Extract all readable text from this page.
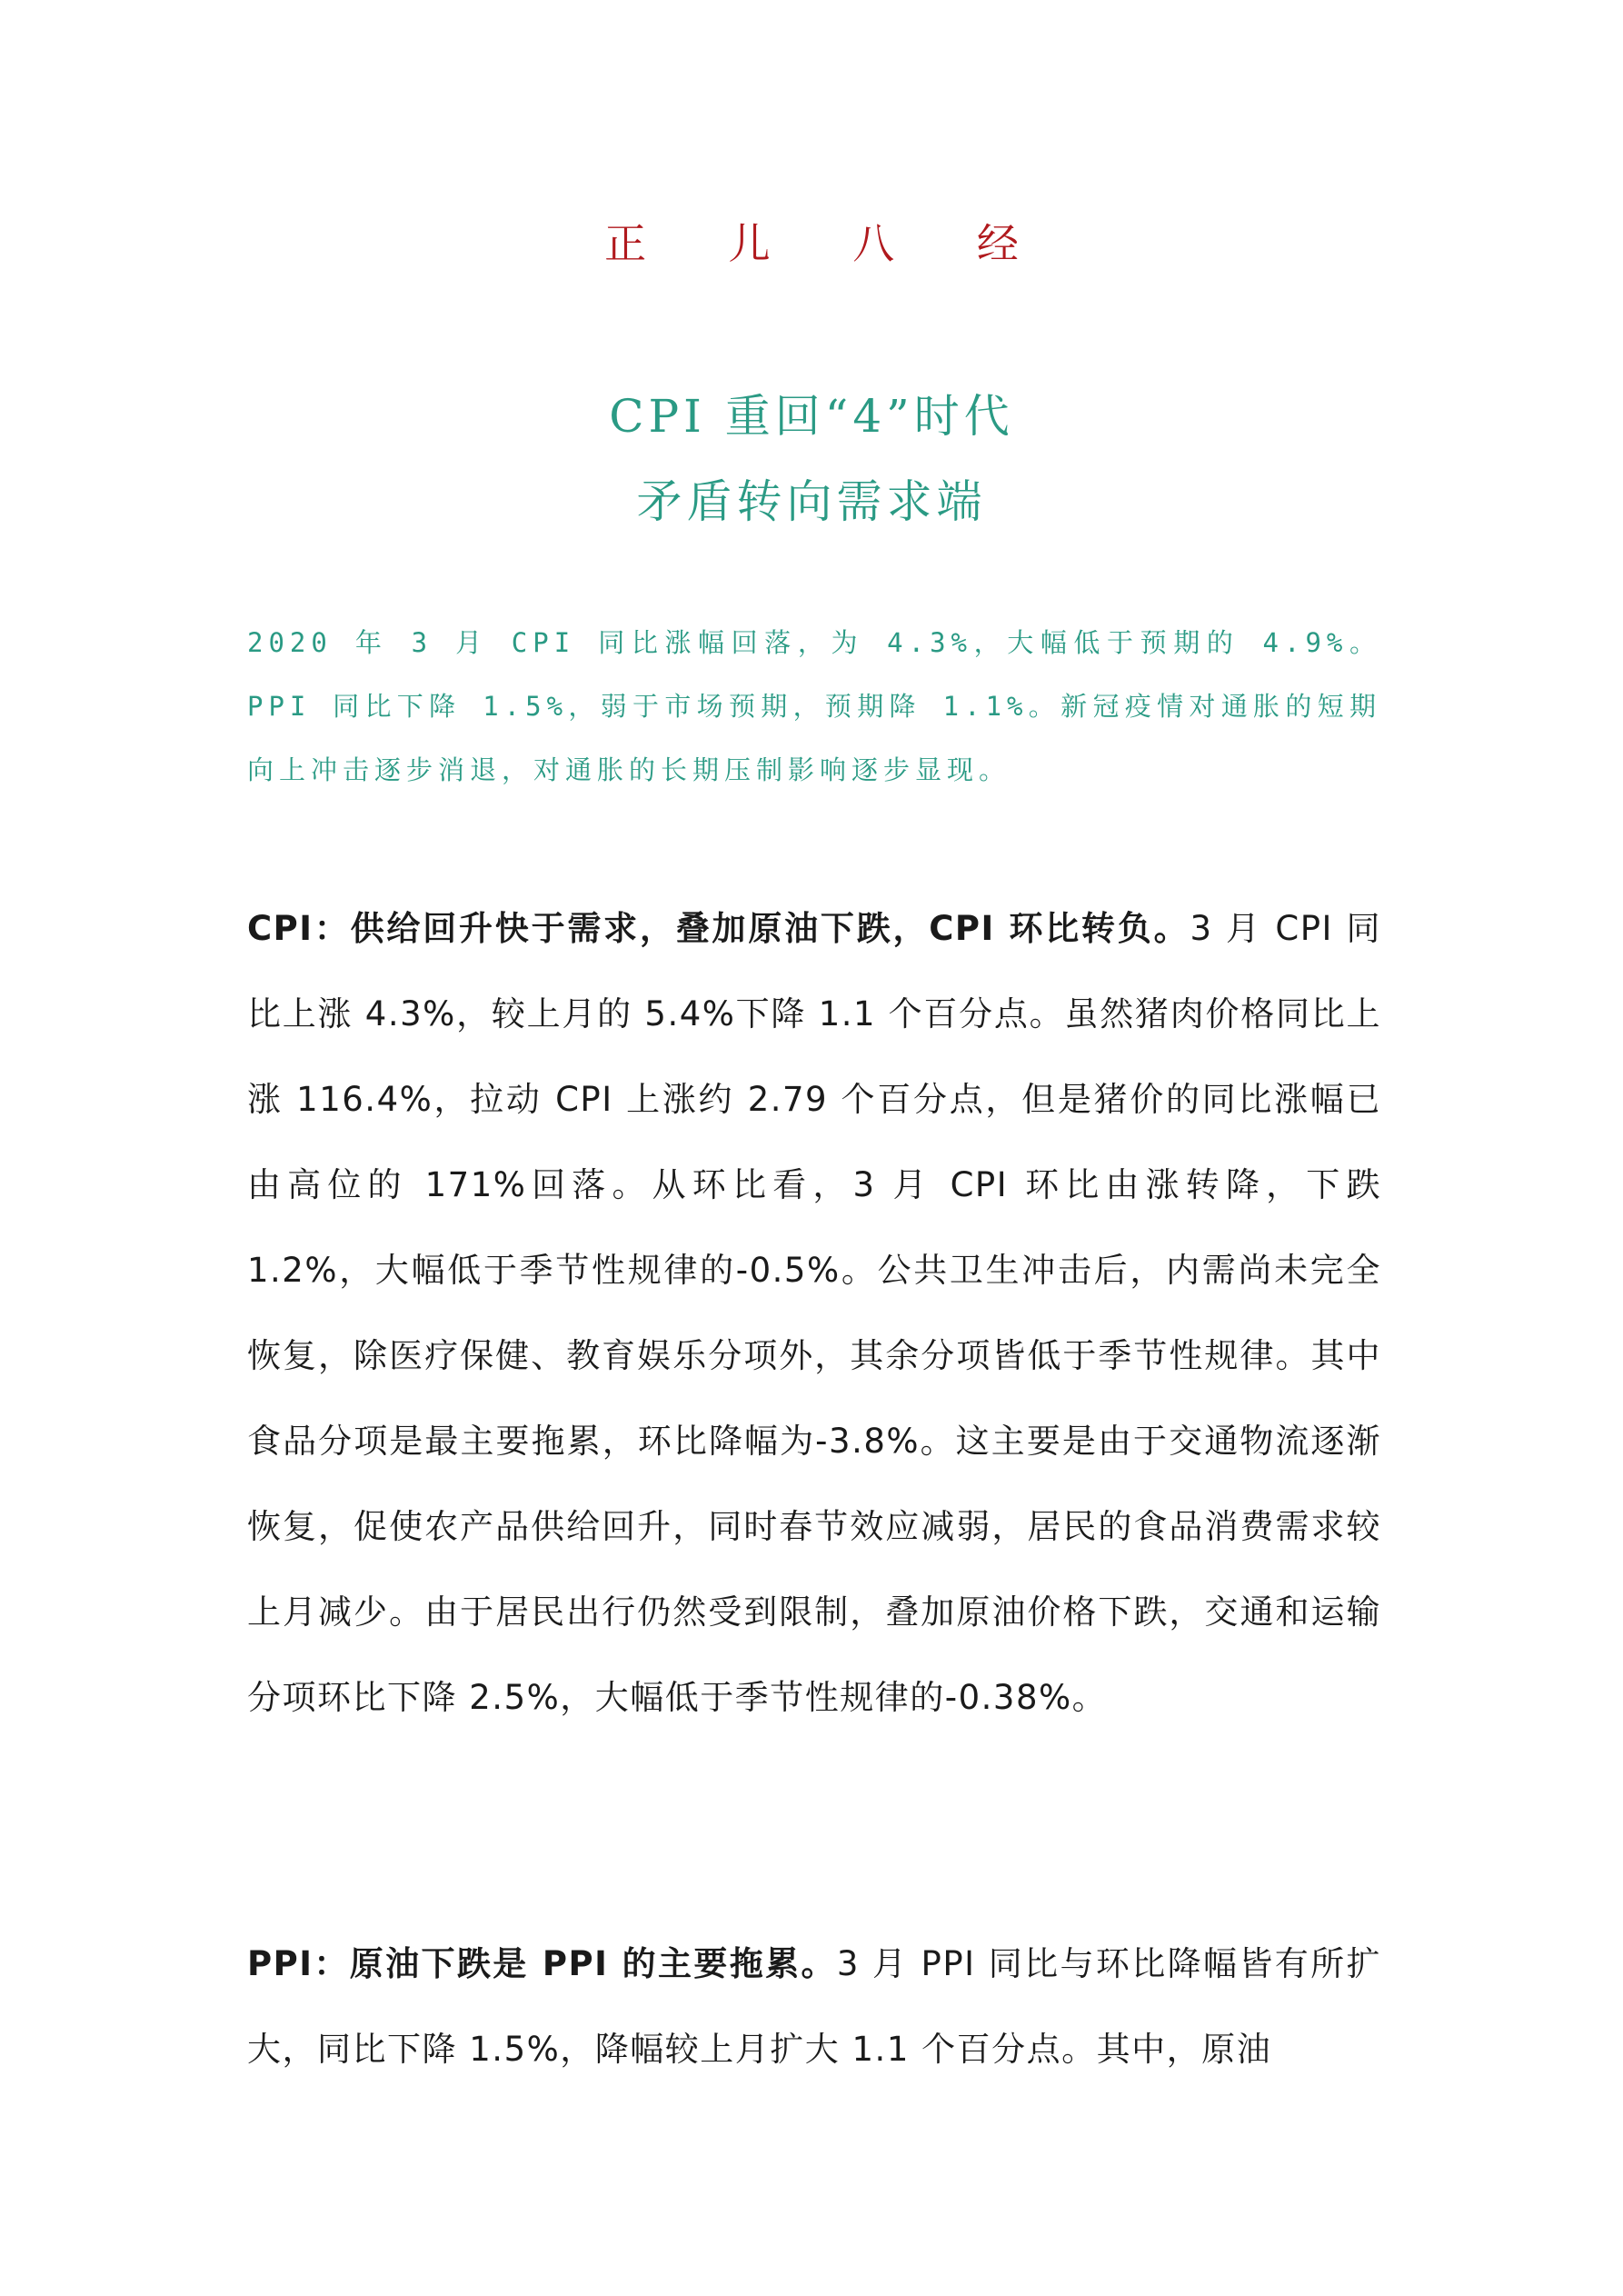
正 儿 八 经
CPI 重回“4”时代
矛盾转向需求端

2020 年 3 月 CPI 同比涨幅回落，为 4.3%，大幅低于预期的 4.9%。PPI 同比下降 1.5%，弱于市场预期，预期降 1.1%。新冠疫情对通胀的短期向上冲击逐步消退，对通胀的长期压制影响逐步显现。

CPI：供给回升快于需求，叠加原油下跌，CPI 环比转负。3 月 CPI 同比上涨 4.3%，较上月的 5.4%下降 1.1 个百分点。虽然猪肉价格同比上涨 116.4%，拉动 CPI 上涨约 2.79 个百分点，但是猪价的同比涨幅已由高位的 171%回落。从环比看，3 月 CPI 环比由涨转降，下跌 1.2%，大幅低于季节性规律的-0.5%。公共卫生冲击后，内需尚未完全恢复，除医疗保健、教育娱乐分项外，其余分项皆低于季节性规律。其中食品分项是最主要拖累，环比降幅为-3.8%。这主要是由于交通物流逐渐恢复，促使农产品供给回升，同时春节效应减弱，居民的食品消费需求较上月减少。由于居民出行仍然受到限制，叠加原油价格下跌，交通和运输分项环比下降 2.5%，大幅低于季节性规律的-0.38%。

PPI：原油下跌是 PPI 的主要拖累。3 月 PPI 同比与环比降幅皆有所扩大，同比下降 1.5%，降幅较上月扩大 1.1 个百分点。其中，原油
